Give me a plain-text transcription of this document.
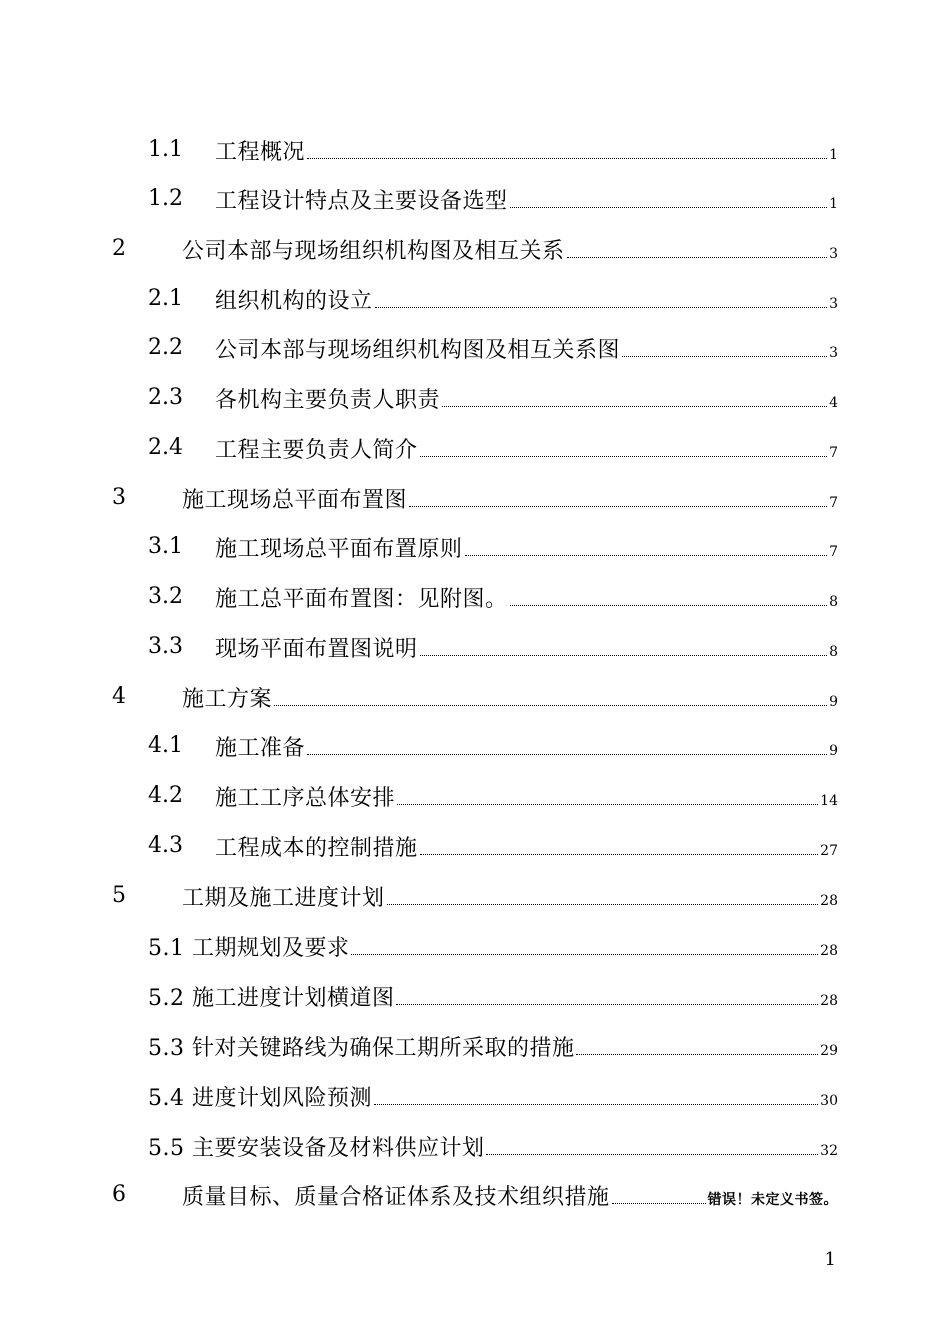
1.1 工程概况	1
1.2 工程设计特点及主要设备选型	1
2	公司本部与现场组织机构图及相互关系	3
2.1 组织机构的设立	3
2.2 公司本部与现场组织机构图及相互关系图	3
2.3 各机构主要负责人职责	4
2.4 工程主要负责人简介	7
3	施工现场总平面布置图	7
3.1 施工现场总平面布置原则	7
3.2 施工总平面布置图：见附图。	8
3.3 现场平面布置图说明	8
4	施工方案	9
4.1 施工准备	9
4.2 施工工序总体安排	14
4.3 工程成本的控制措施	27
5	工期及施工进度计划	28
5.1 工期规划及要求	28
5.2 施工进度计划横道图	28
5.3 针对关键路线为确保工期所采取的措施	29
5.4 进度计划风险预测	30
5.5 主要安装设备及材料供应计划	32
6	质量目标、质量合格证体系及技术组织措施	错误！未定义书签。
1
